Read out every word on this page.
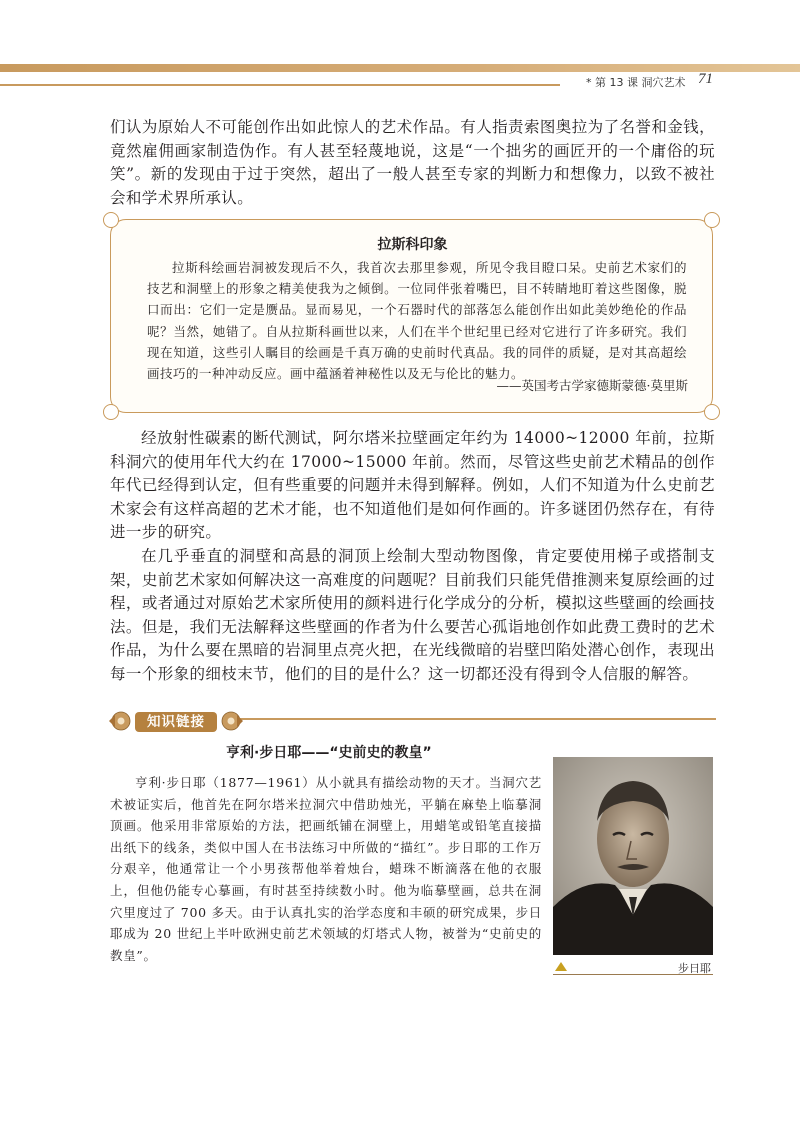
* 第 13 课 洞穴艺术 71

们认为原始人不可能创作出如此惊人的艺术作品。有人指责索图奥拉为了名誉和金钱，竟然雇佣画家制造伪作。有人甚至轻蔑地说，这是“一个拙劣的画匠开的一个庸俗的玩笑”。新的发现由于过于突然，超出了一般人甚至专家的判断力和想像力，以致不被社会和学术界所承认。

拉斯科印象

拉斯科绘画岩洞被发现后不久，我首次去那里参观，所见令我目瞪口呆。史前艺术家们的技艺和洞壁上的形象之精美使我为之倾倒。一位同伴张着嘴巴，目不转睛地盯着这些图像，脱口而出：它们一定是赝品。显而易见，一个石器时代的部落怎么能创作出如此美妙绝伦的作品呢？当然，她错了。自从拉斯科画世以来，人们在半个世纪里已经对它进行了许多研究。我们现在知道，这些引人瞩目的绘画是千真万确的史前时代真品。我的同伴的质疑，是对其高超绘画技巧的一种冲动反应。画中蕴涵着神秘性以及无与伦比的魅力。

——英国考古学家德斯蒙德·莫里斯

经放射性碳素的断代测试，阿尔塔米拉壁画定年约为 14000~12000 年前，拉斯科洞穴的使用年代大约在 17000~15000 年前。然而，尽管这些史前艺术精品的创作年代已经得到认定，但有些重要的问题并未得到解释。例如，人们不知道为什么史前艺术家会有这样高超的艺术才能，也不知道他们是如何作画的。许多谜团仍然存在，有待进一步的研究。

在几乎垂直的洞壁和高悬的洞顶上绘制大型动物图像，肯定要使用梯子或搭制支架，史前艺术家如何解决这一高难度的问题呢？目前我们只能凭借推测来复原绘画的过程，或者通过对原始艺术家所使用的颜料进行化学成分的分析，模拟这些壁画的绘画技法。但是，我们无法解释这些壁画的作者为什么要苦心孤诣地创作如此费工费时的艺术作品，为什么要在黑暗的岩洞里点亮火把，在光线微暗的岩壁凹陷处潜心创作，表现出每一个形象的细枝末节，他们的目的是什么？这一切都还没有得到令人信服的解答。

知识链接
亨利·步日耶——“史前史的教皇”

亨利·步日耶（1877—1961）从小就具有描绘动物的天才。当洞穴艺术被证实后，他首先在阿尔塔米拉洞穴中借助烛光，平躺在麻垫上临摹洞顶画。他采用非常原始的方法，把画纸铺在洞壁上，用蜡笔或铅笔直接描出纸下的线条，类似中国人在书法练习中所做的“描红”。步日耶的工作万分艰辛，他通常让一个小男孩帮他举着烛台，蜡珠不断滴落在他的衣服上，但他仍能专心摹画，有时甚至持续数小时。他为临摹壁画，总共在洞穴里度过了 700 多天。由于认真扎实的治学态度和丰硕的研究成果，步日耶成为 20 世纪上半叶欧洲史前艺术领域的灯塔式人物，被誉为“史前史的教皇”。

步日耶
